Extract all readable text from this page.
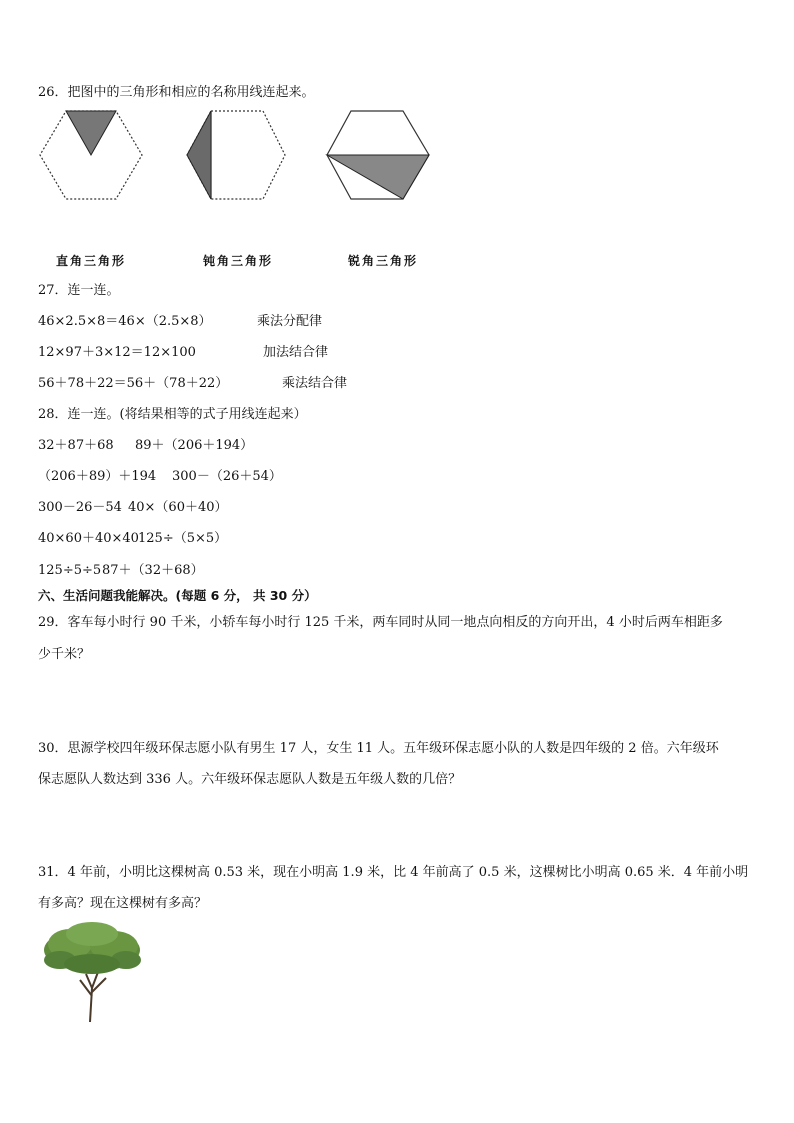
26．把图中的三角形和相应的名称用线连起来。
直角三角形	钝角三角形	锐角三角形
27．连一连。
46×2.5×8＝46×（2.5×8）	乘法分配律
12×97＋3×12＝12×100	加法结合律
56＋78＋22＝56＋（78＋22）	乘法结合律
28．连一连。(将结果相等的式子用线连起来）
32＋87＋68 89＋（206＋194）
（206＋89）＋194 300－（26＋54）
300－26－54 40×（60＋40）
40×60＋40×40 125÷（5×5）
125÷5÷5 87＋（32＋68）
六、生活问题我能解决。(每题 6 分， 共 30 分）
29．客车每小时行 90 千米，小轿车每小时行 125 千米，两车同时从同一地点向相反的方向开出，4 小时后两车相距多
少千米？
30．思源学校四年级环保志愿小队有男生 17 人，女生 11 人。五年级环保志愿小队的人数是四年级的 2 倍。六年级环
保志愿队人数达到 336 人。六年级环保志愿队人数是五年级人数的几倍？
31．4 年前，小明比这棵树高 0.53 米，现在小明高 1.9 米，比 4 年前高了 0.5 米，这棵树比小明高 0.65 米．4 年前小明
有多高？现在这棵树有多高？
